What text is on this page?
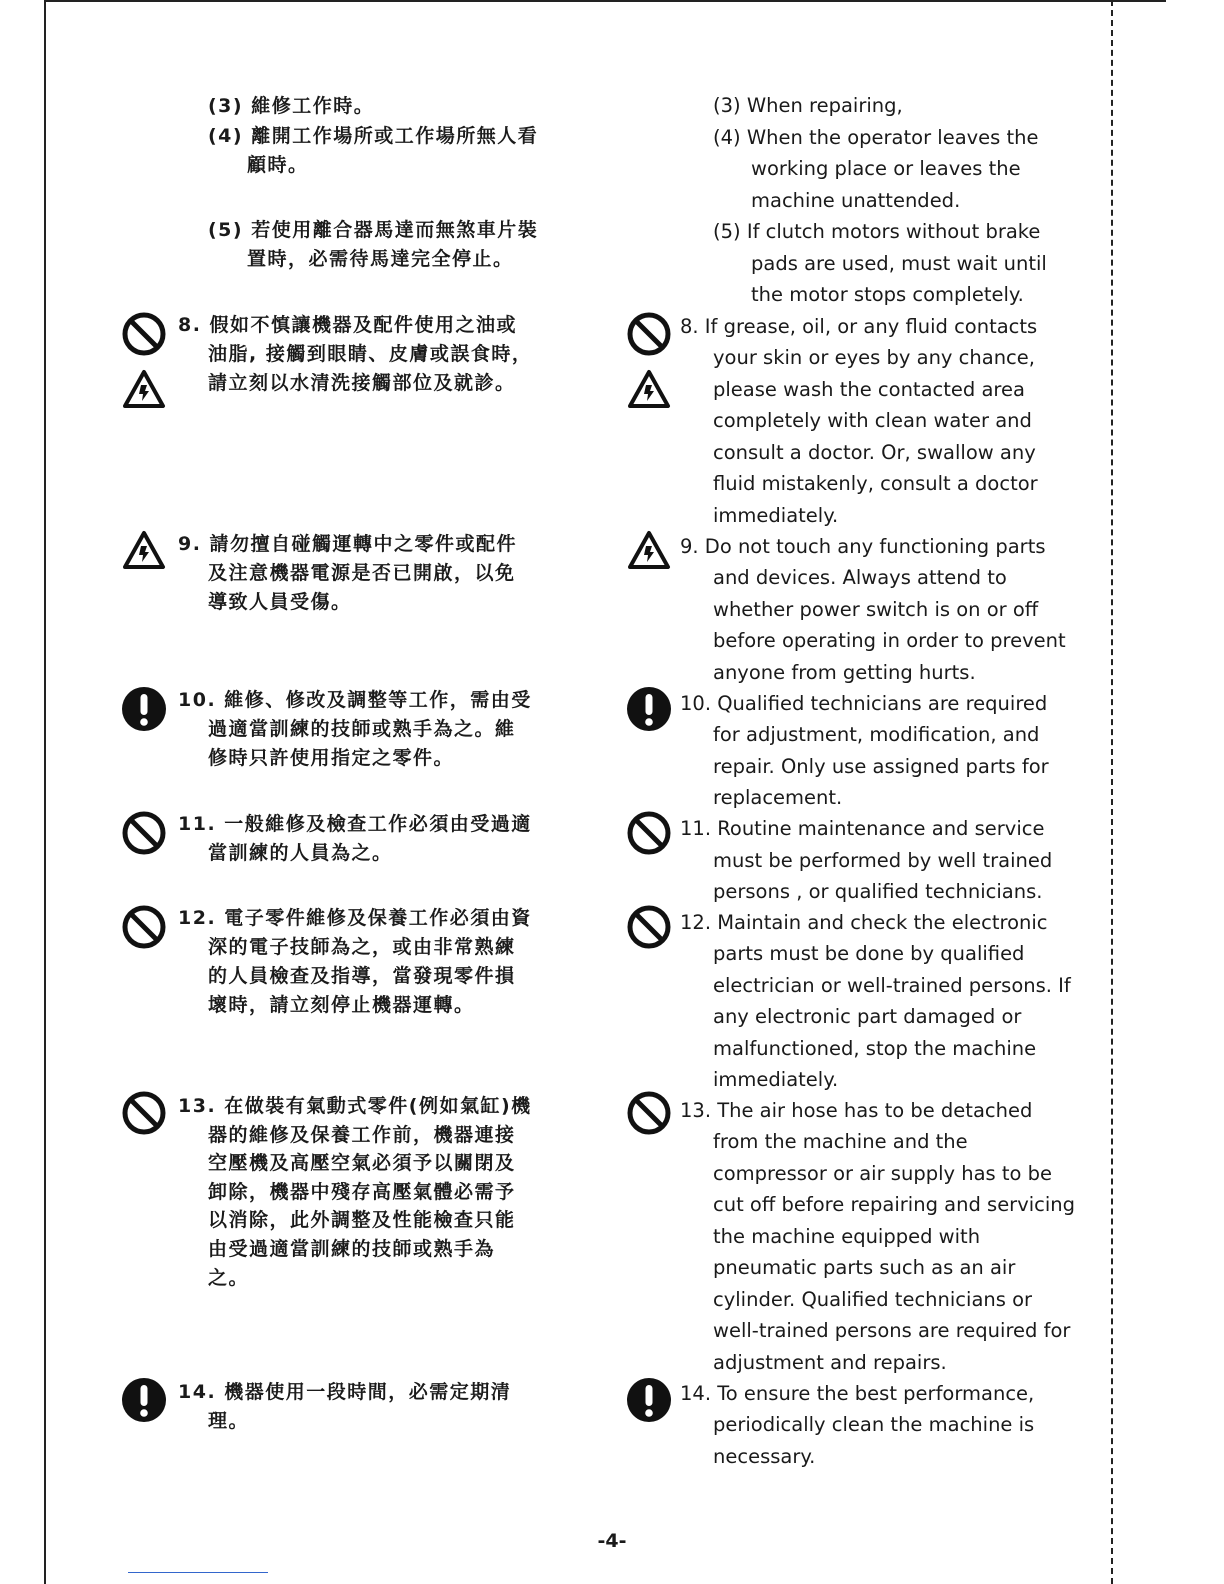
(3) 維修工作時。
(4) 離開工作場所或工作場所無人看
顧時。
(5) 若使用離合器馬達而無煞車片裝
置時，必需待馬達完全停止。
8. 假如不慎讓機器及配件使用之油或
油脂, 接觸到眼睛、皮膚或誤食時，
請立刻以水清洗接觸部位及就診。
9. 請勿擅自碰觸運轉中之零件或配件
及注意機器電源是否已開啟，以免
導致人員受傷。
10. 維修、修改及調整等工作，需由受
過適當訓練的技師或熟手為之。維
修時只許使用指定之零件。
11. 一般維修及檢查工作必須由受過適
當訓練的人員為之。
12. 電子零件維修及保養工作必須由資
深的電子技師為之，或由非常熟練
的人員檢查及指導，當發現零件損
壞時，請立刻停止機器運轉。
13. 在做裝有氣動式零件(例如氣缸)機
器的維修及保養工作前，機器連接
空壓機及高壓空氣必須予以關閉及
卸除，機器中殘存高壓氣體必需予
以消除，此外調整及性能檢查只能
由受過適當訓練的技師或熟手為
之。
14. 機器使用一段時間，必需定期清
理。
(3) When repairing,
(4) When the operator leaves the
working place or leaves the
machine unattended.
(5) If clutch motors without brake
pads are used, must wait until
the motor stops completely.
8. If grease, oil, or any fluid contacts
your skin or eyes by any chance,
please wash the contacted area
completely with clean water and
consult a doctor. Or, swallow any
fluid mistakenly, consult a doctor
immediately.
9. Do not touch any functioning parts
and devices. Always attend to
whether power switch is on or off
before operating in order to prevent
anyone from getting hurts.
10. Qualified technicians are required
for adjustment, modification, and
repair. Only use assigned parts for
replacement.
11. Routine maintenance and service
must be performed by well trained
persons , or qualified technicians.
12. Maintain and check the electronic
parts must be done by qualified
electrician or well-trained persons. If
any electronic part damaged or
malfunctioned, stop the machine
immediately.
13. The air hose has to be detached
from the machine and the
compressor or air supply has to be
cut off before repairing and servicing
the machine equipped with
pneumatic parts such as an air
cylinder. Qualified technicians or
well-trained persons are required for
adjustment and repairs.
14. To ensure the best performance,
periodically clean the machine is
necessary.
-4-
